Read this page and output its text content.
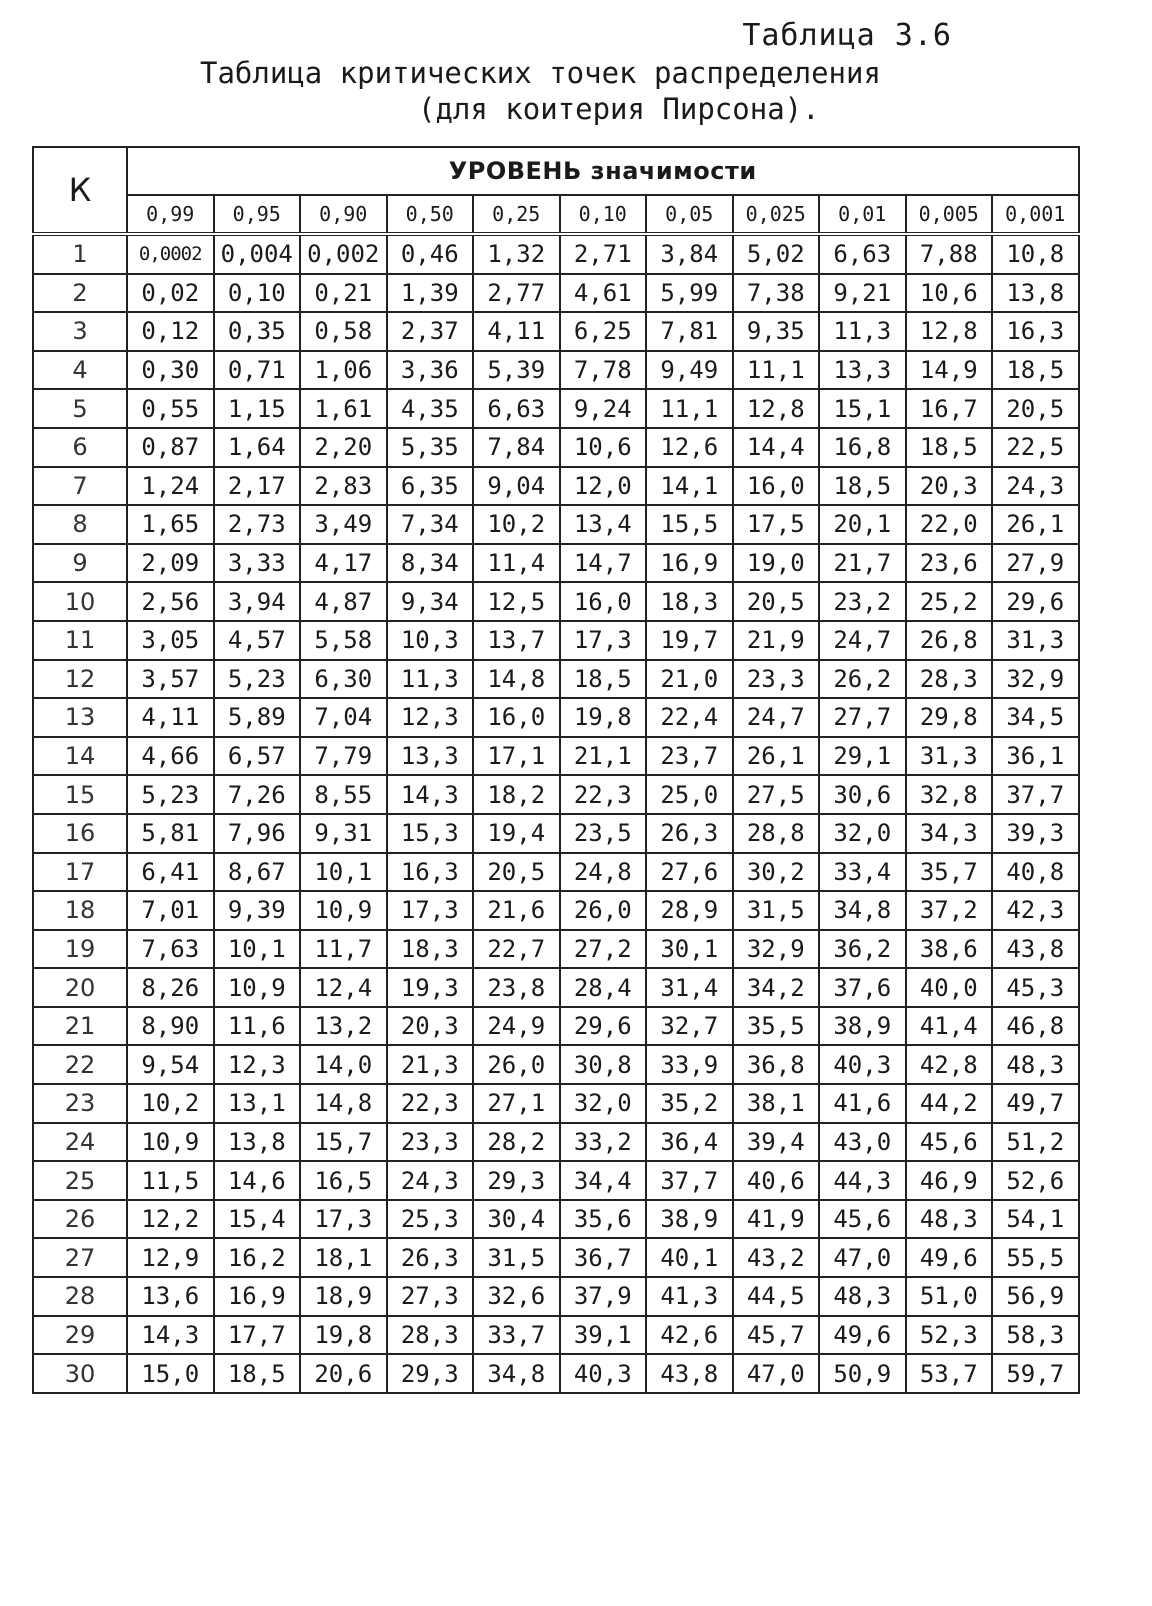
Таблица 3.6
Таблица критических точек распределения
(для коитерия Пирсона).
К	УРОВЕНЬ значимости										
	0,99	0,95	0,90	0,50	0,25	0,10	0,05	0,025	0,01	0,005	0,001
1	0,0002	0,004	0,002	0,46	1,32	2,71	3,84	5,02	6,63	7,88	10,8
2	0,02	0,10	0,21	1,39	2,77	4,61	5,99	7,38	9,21	10,6	13,8
3	0,12	0,35	0,58	2,37	4,11	6,25	7,81	9,35	11,3	12,8	16,3
4	0,30	0,71	1,06	3,36	5,39	7,78	9,49	11,1	13,3	14,9	18,5
5	0,55	1,15	1,61	4,35	6,63	9,24	11,1	12,8	15,1	16,7	20,5
6	0,87	1,64	2,20	5,35	7,84	10,6	12,6	14,4	16,8	18,5	22,5
7	1,24	2,17	2,83	6,35	9,04	12,0	14,1	16,0	18,5	20,3	24,3
8	1,65	2,73	3,49	7,34	10,2	13,4	15,5	17,5	20,1	22,0	26,1
9	2,09	3,33	4,17	8,34	11,4	14,7	16,9	19,0	21,7	23,6	27,9
10	2,56	3,94	4,87	9,34	12,5	16,0	18,3	20,5	23,2	25,2	29,6
11	3,05	4,57	5,58	10,3	13,7	17,3	19,7	21,9	24,7	26,8	31,3
12	3,57	5,23	6,30	11,3	14,8	18,5	21,0	23,3	26,2	28,3	32,9
13	4,11	5,89	7,04	12,3	16,0	19,8	22,4	24,7	27,7	29,8	34,5
14	4,66	6,57	7,79	13,3	17,1	21,1	23,7	26,1	29,1	31,3	36,1
15	5,23	7,26	8,55	14,3	18,2	22,3	25,0	27,5	30,6	32,8	37,7
16	5,81	7,96	9,31	15,3	19,4	23,5	26,3	28,8	32,0	34,3	39,3
17	6,41	8,67	10,1	16,3	20,5	24,8	27,6	30,2	33,4	35,7	40,8
18	7,01	9,39	10,9	17,3	21,6	26,0	28,9	31,5	34,8	37,2	42,3
19	7,63	10,1	11,7	18,3	22,7	27,2	30,1	32,9	36,2	38,6	43,8
20	8,26	10,9	12,4	19,3	23,8	28,4	31,4	34,2	37,6	40,0	45,3
21	8,90	11,6	13,2	20,3	24,9	29,6	32,7	35,5	38,9	41,4	46,8
22	9,54	12,3	14,0	21,3	26,0	30,8	33,9	36,8	40,3	42,8	48,3
23	10,2	13,1	14,8	22,3	27,1	32,0	35,2	38,1	41,6	44,2	49,7
24	10,9	13,8	15,7	23,3	28,2	33,2	36,4	39,4	43,0	45,6	51,2
25	11,5	14,6	16,5	24,3	29,3	34,4	37,7	40,6	44,3	46,9	52,6
26	12,2	15,4	17,3	25,3	30,4	35,6	38,9	41,9	45,6	48,3	54,1
27	12,9	16,2	18,1	26,3	31,5	36,7	40,1	43,2	47,0	49,6	55,5
28	13,6	16,9	18,9	27,3	32,6	37,9	41,3	44,5	48,3	51,0	56,9
29	14,3	17,7	19,8	28,3	33,7	39,1	42,6	45,7	49,6	52,3	58,3
30	15,0	18,5	20,6	29,3	34,8	40,3	43,8	47,0	50,9	53,7	59,7
